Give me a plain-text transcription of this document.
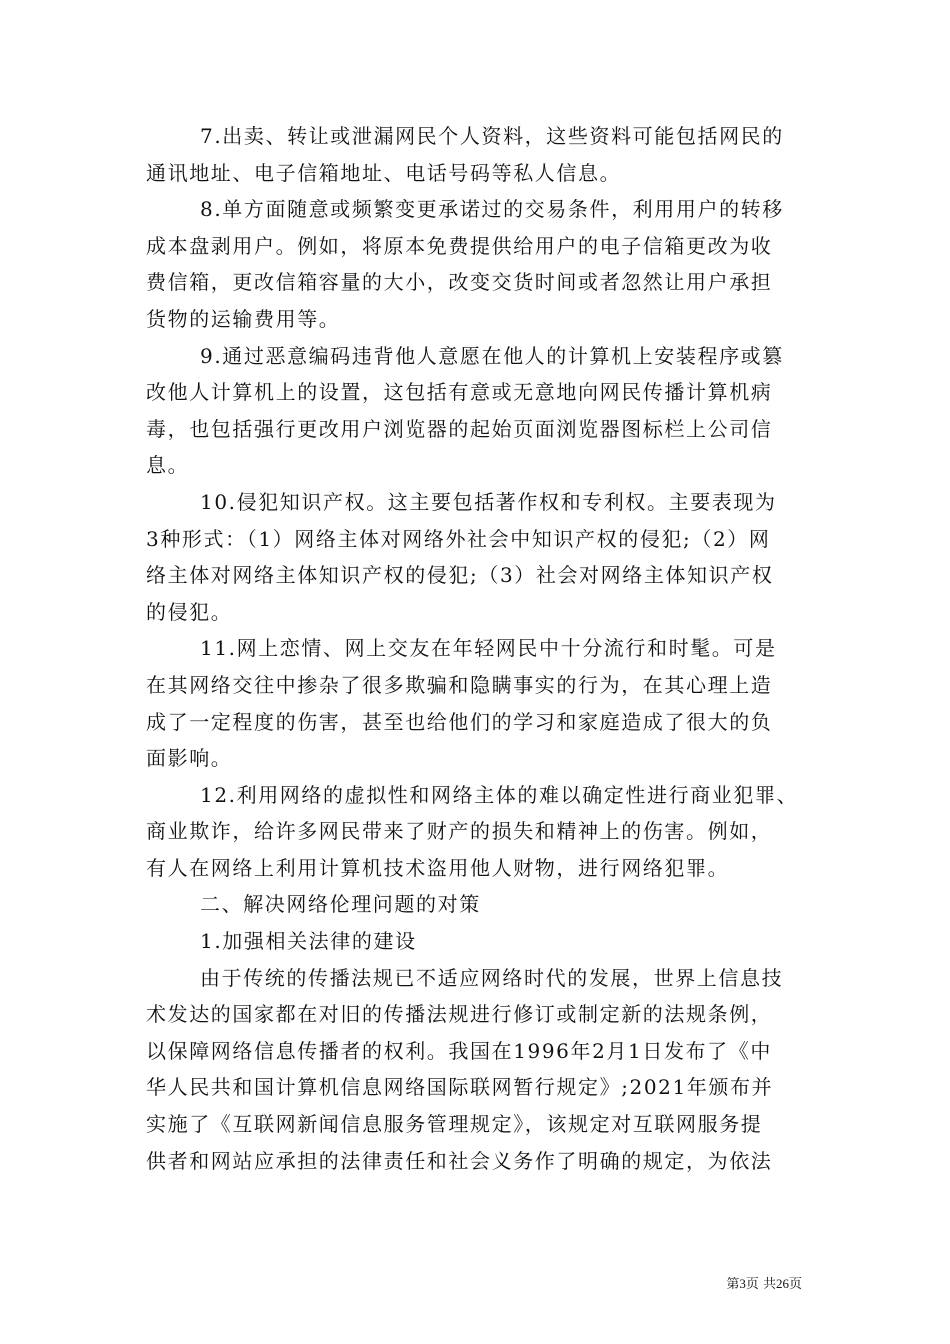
7.出卖、转让或泄漏网民个人资料，这些资料可能包括网民的
通讯地址、电子信箱地址、电话号码等私人信息。
8.单方面随意或频繁变更承诺过的交易条件，利用用户的转移
成本盘剥用户。例如，将原本免费提供给用户的电子信箱更改为收
费信箱，更改信箱容量的大小，改变交货时间或者忽然让用户承担
货物的运输费用等。
9.通过恶意编码违背他人意愿在他人的计算机上安装程序或篡
改他人计算机上的设置，这包括有意或无意地向网民传播计算机病
毒，也包括强行更改用户浏览器的起始页面浏览器图标栏上公司信
息。
10.侵犯知识产权。这主要包括著作权和专利权。主要表现为
3种形式：（1）网络主体对网络外社会中知识产权的侵犯;（2）网
络主体对网络主体知识产权的侵犯;（3）社会对网络主体知识产权
的侵犯。
11.网上恋情、网上交友在年轻网民中十分流行和时髦。可是
在其网络交往中掺杂了很多欺骗和隐瞒事实的行为，在其心理上造
成了一定程度的伤害，甚至也给他们的学习和家庭造成了很大的负
面影响。
12.利用网络的虚拟性和网络主体的难以确定性进行商业犯罪、
商业欺诈，给许多网民带来了财产的损失和精神上的伤害。例如，
有人在网络上利用计算机技术盗用他人财物，进行网络犯罪。
二、解决网络伦理问题的对策
1.加强相关法律的建设
由于传统的传播法规已不适应网络时代的发展，世界上信息技
术发达的国家都在对旧的传播法规进行修订或制定新的法规条例，
以保障网络信息传播者的权利。我国在1996年2月1日发布了《中
华人民共和国计算机信息网络国际联网暂行规定》;2021年颁布并
实施了《互联网新闻信息服务管理规定》，该规定对互联网服务提
供者和网站应承担的法律责任和社会义务作了明确的规定，为依法
第3页 共26页
